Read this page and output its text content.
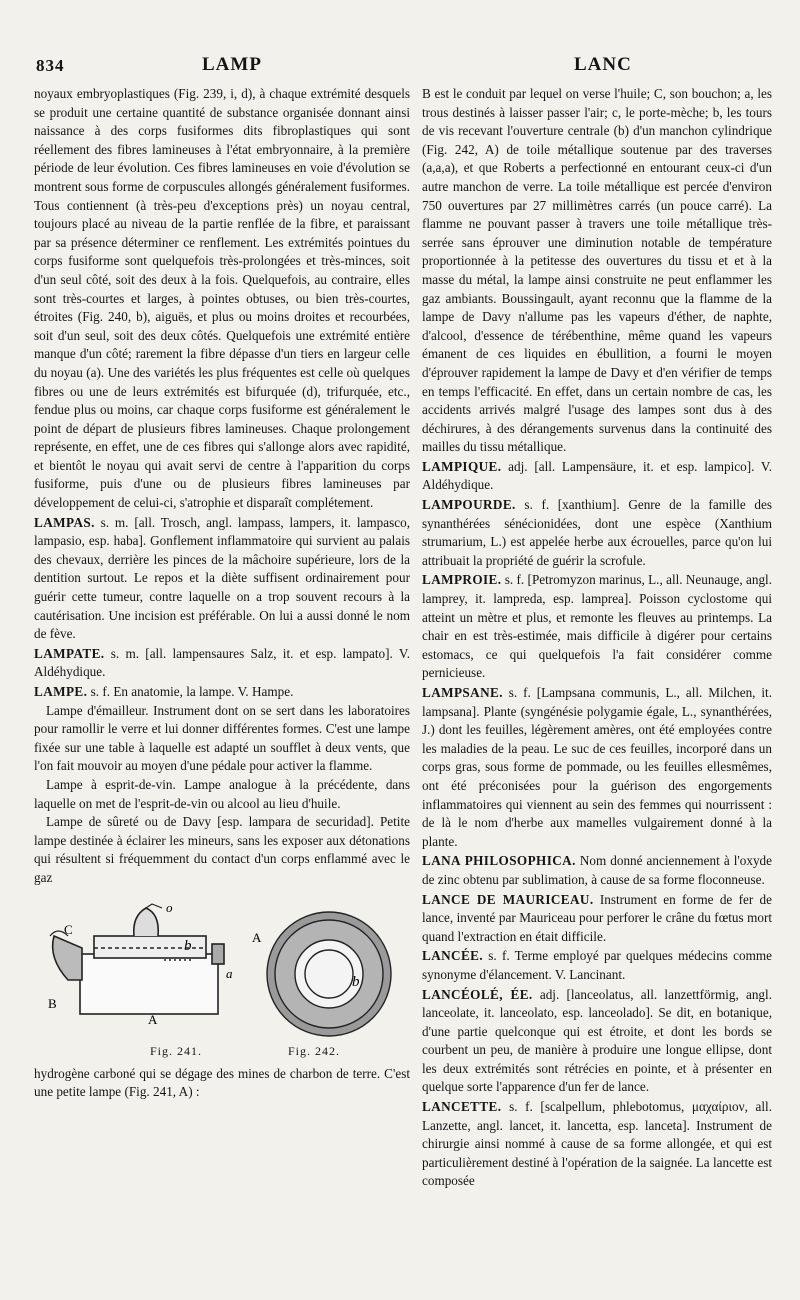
834	LAMP	LANC

noyaux embryoplastiques (Fig. 239, i, d), à chaque extrémité desquels se produit une certaine quantité de substance organisée donnant ainsi naissance à des corps fusiformes dits fibroplastiques qui sont réellement des fibres lamineuses à l'état embryonnaire, à la première période de leur évolution. Ces fibres lamineuses en voie d'évolution se montrent sous forme de corpuscules allongés généralement fusiformes. Tous contiennent (à très-peu d'exceptions près) un noyau central, toujours placé au niveau de la partie renflée de la fibre, et paraissant par sa présence déterminer ce renflement. Les extrémités pointues du corps fusiforme sont quelquefois très-prolongées et très-minces, soit d'un seul côté, soit des deux à la fois. Quelquefois, au contraire, elles sont très-courtes et larges, à pointes obtuses, ou bien très-courtes, étroites (Fig. 240, b), aiguës, et plus ou moins droites et recourbées, soit d'un seul, soit des deux côtés. Quelquefois une extrémité entière manque d'un côté; rarement la fibre dépasse d'un tiers en largeur celle du noyau (a). Une des variétés les plus fréquentes est celle où quelques fibres ou une de leurs extrémités est bifurquée (d), trifurquée, etc., fendue plus ou moins, car chaque corps fusiforme est généralement le point de départ de plusieurs fibres lamineuses. Chaque prolongement représente, en effet, une de ces fibres qui s'allonge alors avec rapidité, et bientôt le noyau qui avait servi de centre à l'apparition du corps fusiforme, puis d'une ou de plusieurs fibres lamineuses par développement de celui-ci, s'atrophie et disparaît complétement.

LAMPAS. s. m. [all. Trosch, angl. lampass, lampers, it. lampasco, lampasio, esp. haba]. Gonflement inflammatoire qui survient au palais des chevaux, derrière les pinces de la mâchoire supérieure, lors de la dentition surtout. Le repos et la diète suffisent ordinairement pour guérir cette tumeur, contre laquelle on a trop souvent recours à la cautérisation. Une incision est préférable. On lui a aussi donné le nom de fève.

LAMPATE. s. m. [all. lampensaures Salz, it. et esp. lampato]. V. Aldéhydique.

LAMPE. s. f. En anatomie, la lampe. V. Hampe.

Lampe d'émailleur. Instrument dont on se sert dans les laboratoires pour ramollir le verre et lui donner différentes formes. C'est une lampe fixée sur une table à laquelle est adapté un soufflet à deux vents, que l'on fait mouvoir au moyen d'une pédale pour activer la flamme.

Lampe à esprit-de-vin. Lampe analogue à la précédente, dans laquelle on met de l'esprit-de-vin ou alcool au lieu d'huile.

Lampe de sûreté ou de Davy [esp. lampara de securidad]. Petite lampe destinée à éclairer les mineurs, sans les exposer aux détonations qui résultent si fréquemment du contact d'un corps enflammé avec le gaz

C
o
b
a
B
A
A
b
Fig. 241.	Fig. 242.

hydrogène carboné qui se dégage des mines de charbon de terre. C'est une petite lampe (Fig. 241, A) :

B est le conduit par lequel on verse l'huile; C, son bouchon; a, les trous destinés à laisser passer l'air; c, le porte-mèche; b, les tours de vis recevant l'ouverture centrale (b) d'un manchon cylindrique (Fig. 242, A) de toile métallique soutenue par des traverses (a,a,a), et que Roberts a perfectionné en entourant ceux-ci d'un autre manchon de verre. La toile métallique est percée d'environ 750 ouvertures par 27 millimètres carrés (un pouce carré). La flamme ne pouvant passer à travers une toile métallique très-serrée sans éprouver une diminution notable de température proportionnée à la petitesse des ouvertures du tissu et et à la masse du métal, la lampe ainsi construite ne peut enflammer les gaz ambiants. Boussingault, ayant reconnu que la flamme de la lampe de Davy n'allume pas les vapeurs d'éther, de naphte, d'alcool, d'essence de térébenthine, même quand les vapeurs émanent de ces liquides en ébullition, a fourni le moyen d'éprouver rapidement la lampe de Davy et d'en vérifier de temps en temps l'efficacité. En effet, dans un certain nombre de cas, les accidents arrivés malgré l'usage des lampes sont dus à des déchirures, à des dérangements survenus dans la continuité des mailles du tissu métallique.

LAMPIQUE. adj. [all. Lampensäure, it. et esp. lampico]. V. Aldéhydique.

LAMPOURDE. s. f. [xanthium]. Genre de la famille des synanthérées sénécionidées, dont une espèce (Xanthium strumarium, L.) est appelée herbe aux écrouelles, parce qu'on lui attribuait la propriété de guérir la scrofule.

LAMPROIE. s. f. [Petromyzon marinus, L., all. Neunauge, angl. lamprey, it. lampreda, esp. lamprea]. Poisson cyclostome qui atteint un mètre et plus, et remonte les fleuves au printemps. La chair en est très-estimée, mais difficile à digérer pour certains estomacs, ce qui quelquefois l'a fait considérer comme pernicieuse.

LAMPSANE. s. f. [Lampsana communis, L., all. Milchen, it. lampsana]. Plante (syngénésie polygamie égale, L., synanthérées, J.) dont les feuilles, légèrement amères, ont été employées contre les maladies de la peau. Le suc de ces feuilles, incorporé dans un corps gras, sous forme de pommade, ou les feuilles ellesmêmes, ont été préconisées pour la guérison des engorgements inflammatoires qui viennent au sein des femmes qui nourrissent : de là le nom d'herbe aux mamelles vulgairement donné à la plante.

LANA PHILOSOPHICA. Nom donné anciennement à l'oxyde de zinc obtenu par sublimation, à cause de sa forme floconneuse.

LANCE DE MAURICEAU. Instrument en forme de fer de lance, inventé par Mauriceau pour perforer le crâne du fœtus mort quand l'extraction en était difficile.

LANCÉE. s. f. Terme employé par quelques médecins comme synonyme d'élancement. V. Lancinant.

LANCÉOLÉ, ÉE. adj. [lanceolatus, all. lanzettförmig, angl. lanceolate, it. lanceolato, esp. lanceolado]. Se dit, en botanique, d'une partie quelconque qui est étroite, et dont les bords se courbent un peu, de manière à produire une longue ellipse, dont les deux extrémités sont rétrécies en pointe, et à présenter en quelque sorte l'apparence d'un fer de lance.

LANCETTE. s. f. [scalpellum, phlebotomus, μαχαίριον, all. Lanzette, angl. lancet, it. lancetta, esp. lanceta]. Instrument de chirurgie ainsi nommé à cause de sa forme allongée, et qui est particulièrement destiné à l'opération de la saignée. La lancette est composée
